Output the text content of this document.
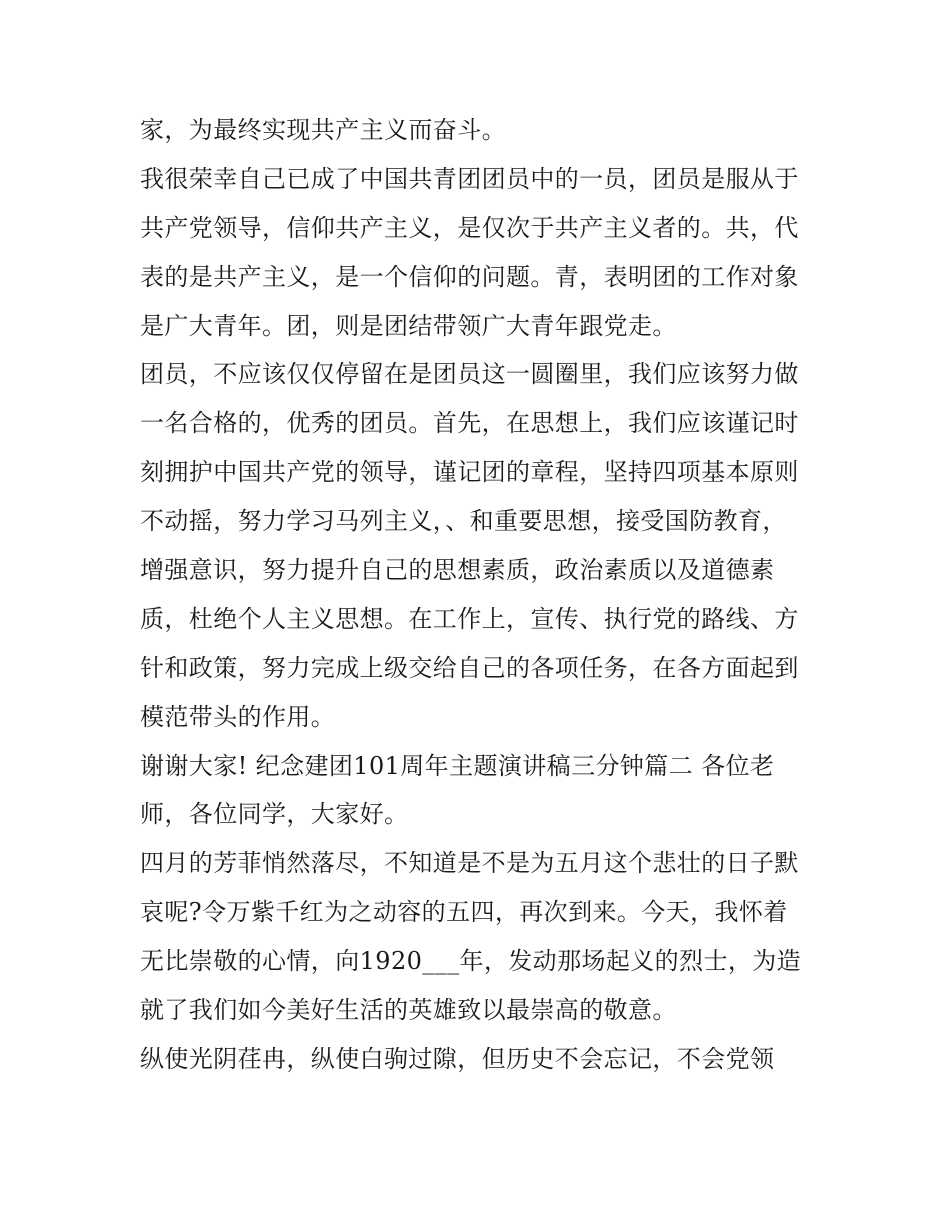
家，为最终实现共产主义而奋斗。
我很荣幸自己已成了中国共青团团员中的一员，团员是服从于
共产党领导，信仰共产主义，是仅次于共产主义者的。共，代
表的是共产主义，是一个信仰的问题。青，表明团的工作对象
是广大青年。团，则是团结带领广大青年跟党走。
团员，不应该仅仅停留在是团员这一圆圈里，我们应该努力做
一名合格的，优秀的团员。首先，在思想上，我们应该谨记时
刻拥护中国共产党的领导，谨记团的章程，坚持四项基本原则
不动摇，努力学习马列主义，、和重要思想，接受国防教育，
增强意识，努力提升自己的思想素质，政治素质以及道德素
质，杜绝个人主义思想。在工作上，宣传、执行党的路线、方
针和政策，努力完成上级交给自己的各项任务，在各方面起到
模范带头的作用。
谢谢大家! 纪念建团101周年主题演讲稿三分钟篇二 各位老
师，各位同学，大家好。
四月的芳菲悄然落尽，不知道是不是为五月这个悲壮的日子默
哀呢?令万紫千红为之动容的五四，再次到来。今天，我怀着
无比崇敬的心情，向1920___年，发动那场起义的烈士，为造
就了我们如今美好生活的英雄致以最崇高的敬意。
纵使光阴荏冉，纵使白驹过隙，但历史不会忘记，不会党领
